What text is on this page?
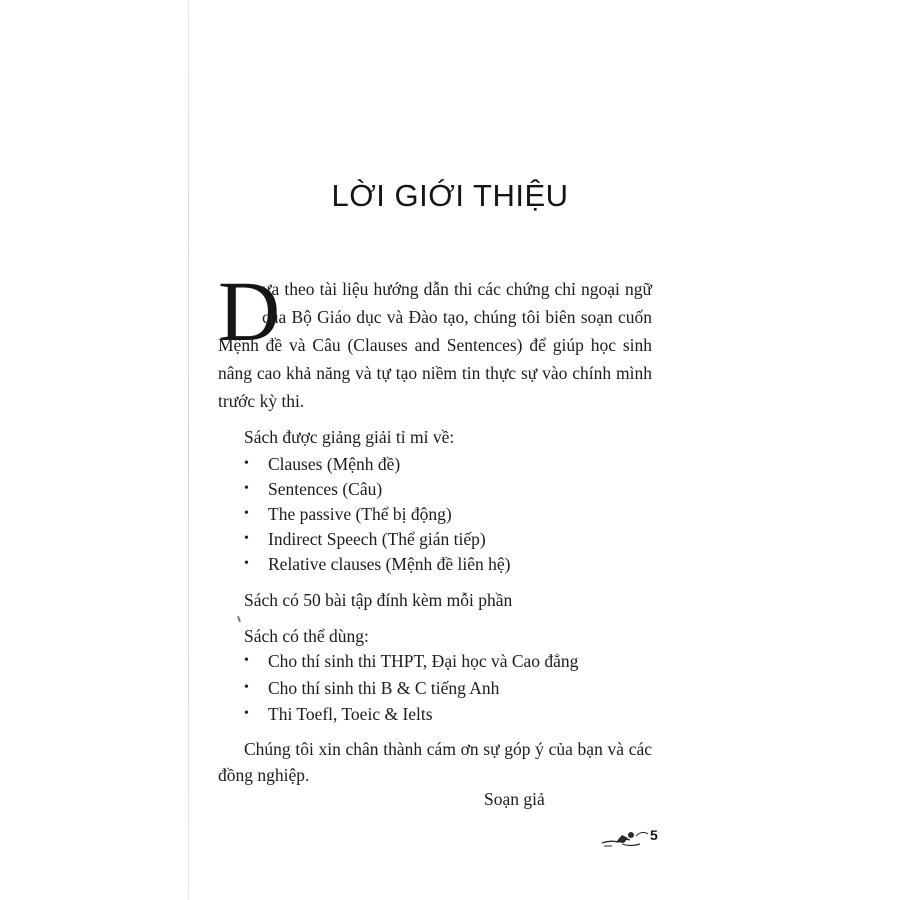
LỜI GIỚI THIỆU
D
ựa theo tài liệu hướng dẫn thi các chứng chỉ ngoại ngữ
của Bộ Giáo dục và Đào tạo, chúng tôi biên soạn cuốn
Mệnh đề và Câu (Clauses and Sentences) để giúp học sinh
nâng cao khả năng và tự tạo niềm tin thực sự vào chính mình
trước kỳ thi.
Sách được giảng giải tỉ mỉ về:
• Clauses (Mệnh đề)
• Sentences (Câu)
• The passive (Thể bị động)
• Indirect Speech (Thể gián tiếp)
• Relative clauses (Mệnh đề liên hệ)
Sách có 50 bài tập đính kèm mỗi phần
Sách có thể dùng:
• Cho thí sinh thi THPT, Đại học và Cao đẳng
• Cho thí sinh thi B & C tiếng Anh
• Thi Toefl, Toeic & Ielts
Chúng tôi xin chân thành cám ơn sự góp ý của bạn và các
đồng nghiệp.
Soạn giả
5
